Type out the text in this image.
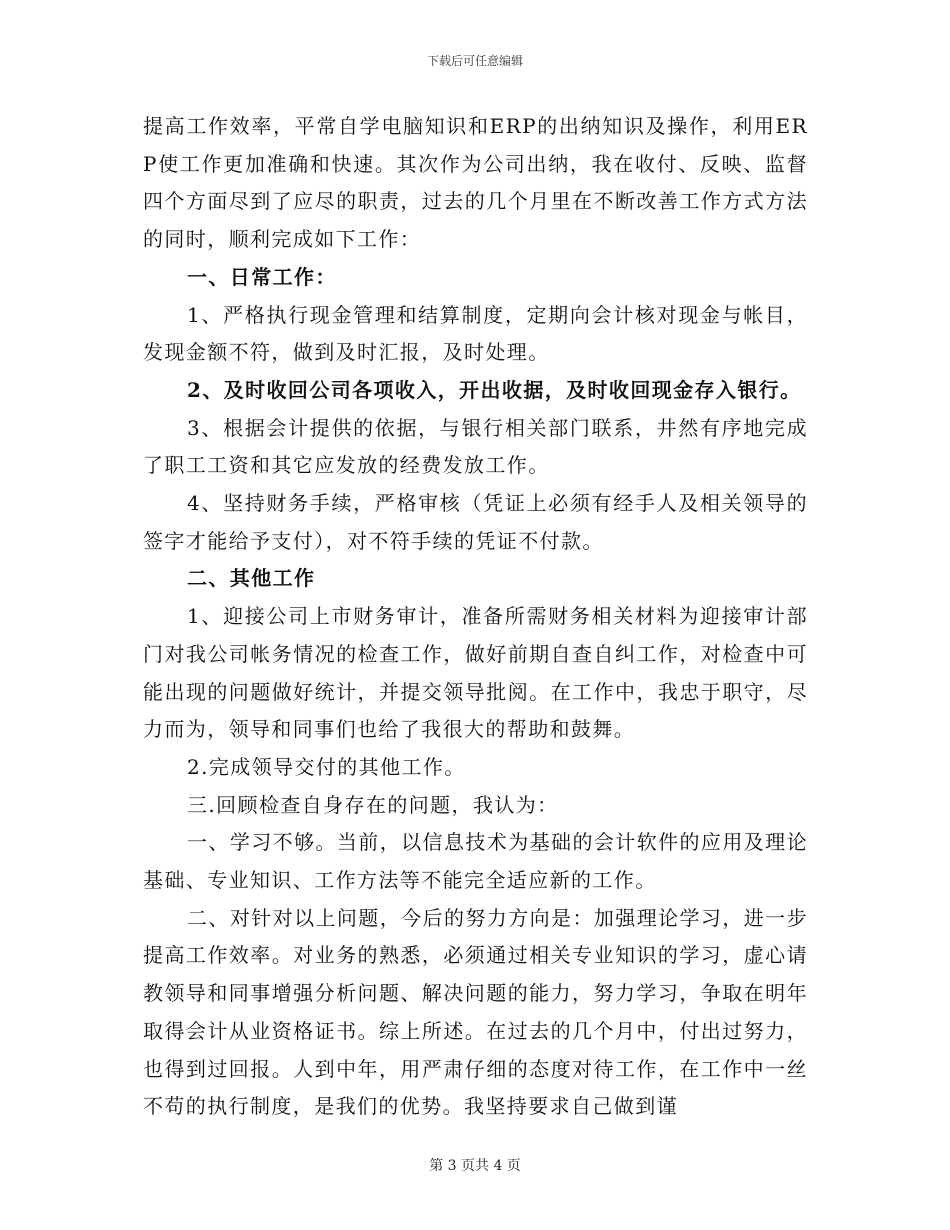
下载后可任意编辑

提高工作效率，平常自学电脑知识和ERP的出纳知识及操作，利用ERP使工作更加准确和快速。其次作为公司出纳，我在收付、反映、监督四个方面尽到了应尽的职责，过去的几个月里在不断改善工作方式方法的同时，顺利完成如下工作：

一、日常工作：

1、严格执行现金管理和结算制度，定期向会计核对现金与帐目，发现金额不符，做到及时汇报，及时处理。

2、及时收回公司各项收入，开出收据，及时收回现金存入银行。

3、根据会计提供的依据，与银行相关部门联系，井然有序地完成了职工工资和其它应发放的经费发放工作。

4、坚持财务手续，严格审核（凭证上必须有经手人及相关领导的签字才能给予支付），对不符手续的凭证不付款。

二、其他工作

1、迎接公司上市财务审计，准备所需财务相关材料为迎接审计部门对我公司帐务情况的检查工作，做好前期自查自纠工作，对检查中可能出现的问题做好统计，并提交领导批阅。在工作中，我忠于职守，尽力而为，领导和同事们也给了我很大的帮助和鼓舞。

2.完成领导交付的其他工作。

三.回顾检查自身存在的问题，我认为：

一、学习不够。当前，以信息技术为基础的会计软件的应用及理论基础、专业知识、工作方法等不能完全适应新的工作。

二、对针对以上问题，今后的努力方向是：加强理论学习，进一步提高工作效率。对业务的熟悉，必须通过相关专业知识的学习，虚心请教领导和同事增强分析问题、解决问题的能力，努力学习，争取在明年取得会计从业资格证书。综上所述。在过去的几个月中，付出过努力，也得到过回报。人到中年，用严肃仔细的态度对待工作，在工作中一丝不苟的执行制度，是我们的优势。我坚持要求自己做到谨

第 3 页共 4 页
